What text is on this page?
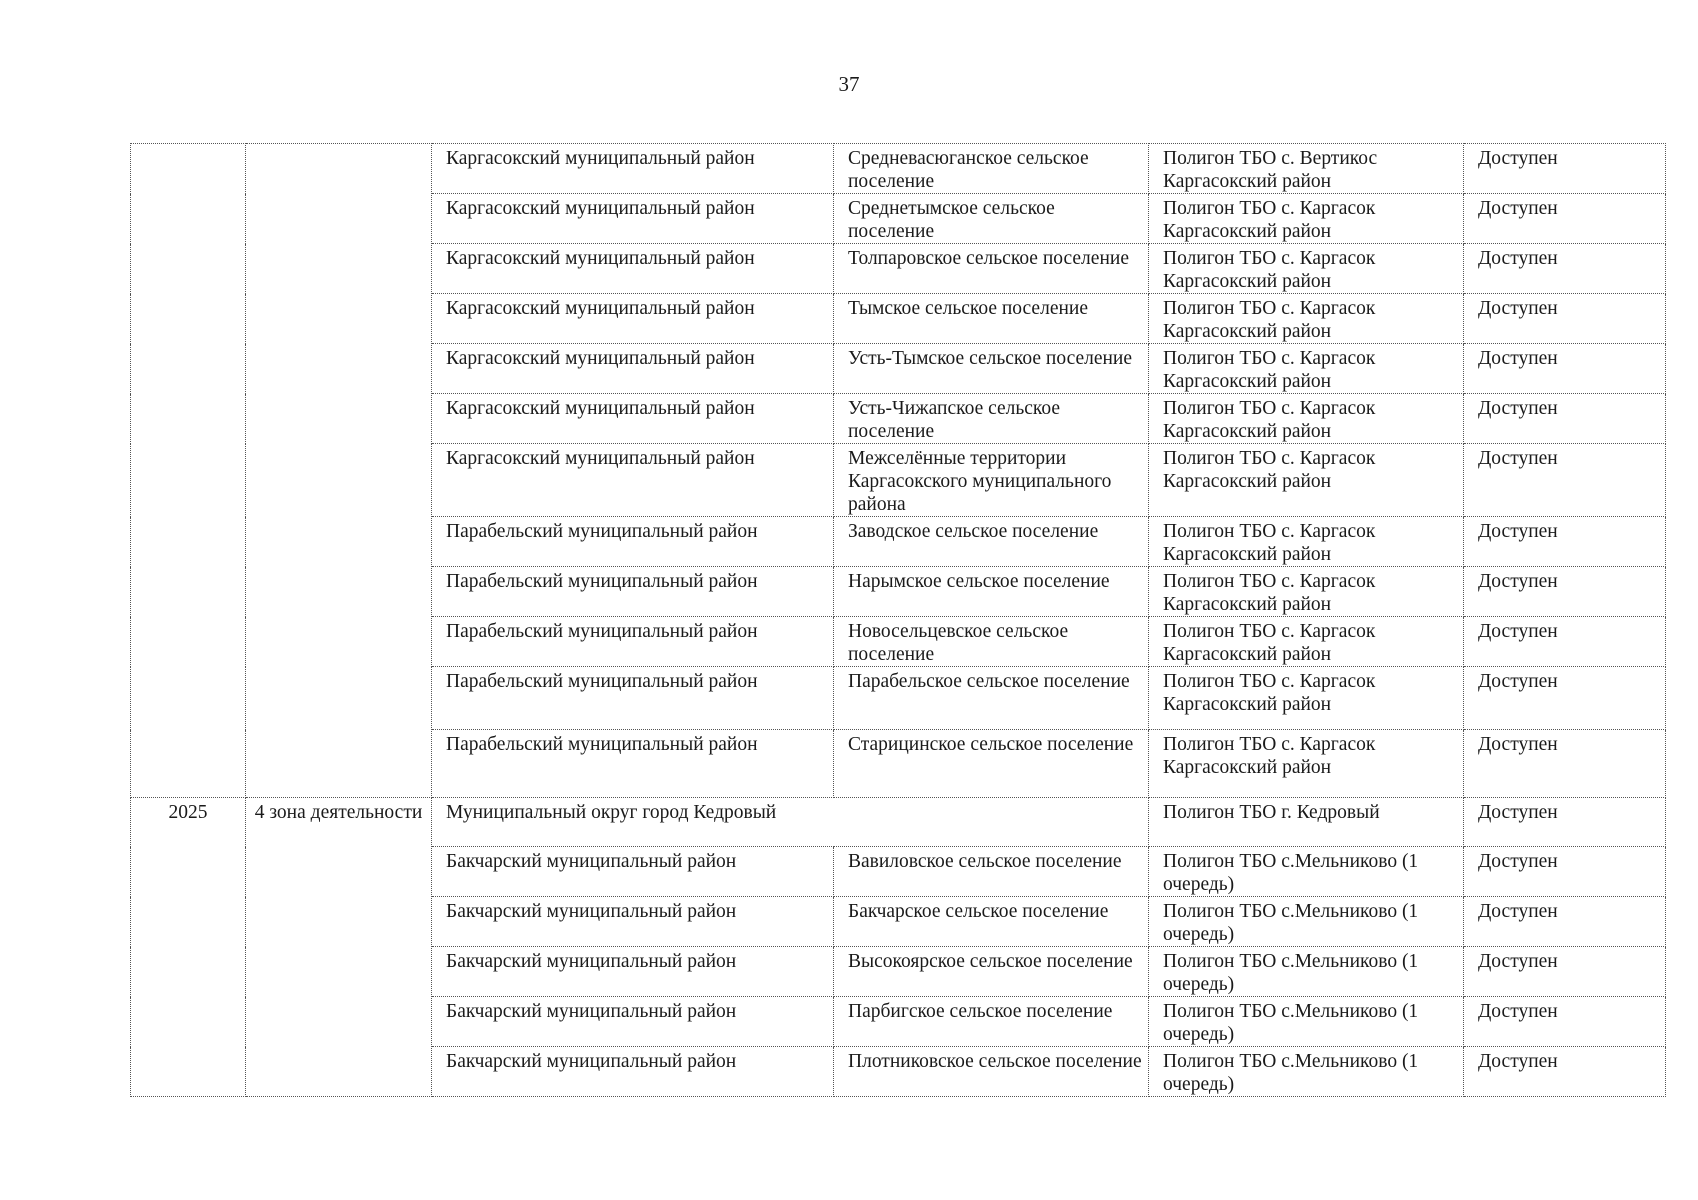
37
		Каргасокский муниципальный район	Средневасюганское сельское поселение	Полигон ТБО с. Вертикос Каргасокский район	Доступен
		Каргасокский муниципальный район	Среднетымское сельское поселение	Полигон ТБО с. Каргасок Каргасокский район	Доступен
		Каргасокский муниципальный район	Толпаровское сельское поселение	Полигон ТБО с. Каргасок Каргасокский район	Доступен
		Каргасокский муниципальный район	Тымское сельское поселение	Полигон ТБО с. Каргасок Каргасокский район	Доступен
		Каргасокский муниципальный район	Усть-Тымское сельское поселение	Полигон ТБО с. Каргасок Каргасокский район	Доступен
		Каргасокский муниципальный район	Усть-Чижапское сельское поселение	Полигон ТБО с. Каргасок Каргасокский район	Доступен
		Каргасокский муниципальный район	Межселённые территории Каргасокского муниципального района	Полигон ТБО с. Каргасок Каргасокский район	Доступен
		Парабельский муниципальный район	Заводское сельское поселение	Полигон ТБО с. Каргасок Каргасокский район	Доступен
		Парабельский муниципальный район	Нарымское сельское поселение	Полигон ТБО с. Каргасок Каргасокский район	Доступен
		Парабельский муниципальный район	Новосельцевское сельское поселение	Полигон ТБО с. Каргасок Каргасокский район	Доступен
		Парабельский муниципальный район	Парабельское сельское поселение	Полигон ТБО с. Каргасок Каргасокский район	Доступен
		Парабельский муниципальный район	Старицинское сельское поселение	Полигон ТБО с. Каргасок Каргасокский район	Доступен
2025	4 зона деятельности	Муниципальный округ город Кедровый		Полигон ТБО г. Кедровый	Доступен
		Бакчарский муниципальный район	Вавиловское сельское поселение	Полигон ТБО с.Мельниково (1 очередь)	Доступен
		Бакчарский муниципальный район	Бакчарское сельское поселение	Полигон ТБО с.Мельниково (1 очередь)	Доступен
		Бакчарский муниципальный район	Высокоярское сельское поселение	Полигон ТБО с.Мельниково (1 очередь)	Доступен
		Бакчарский муниципальный район	Парбигское сельское поселение	Полигон ТБО с.Мельниково (1 очередь)	Доступен
		Бакчарский муниципальный район	Плотниковское сельское поселение	Полигон ТБО с.Мельниково (1 очередь)	Доступен
